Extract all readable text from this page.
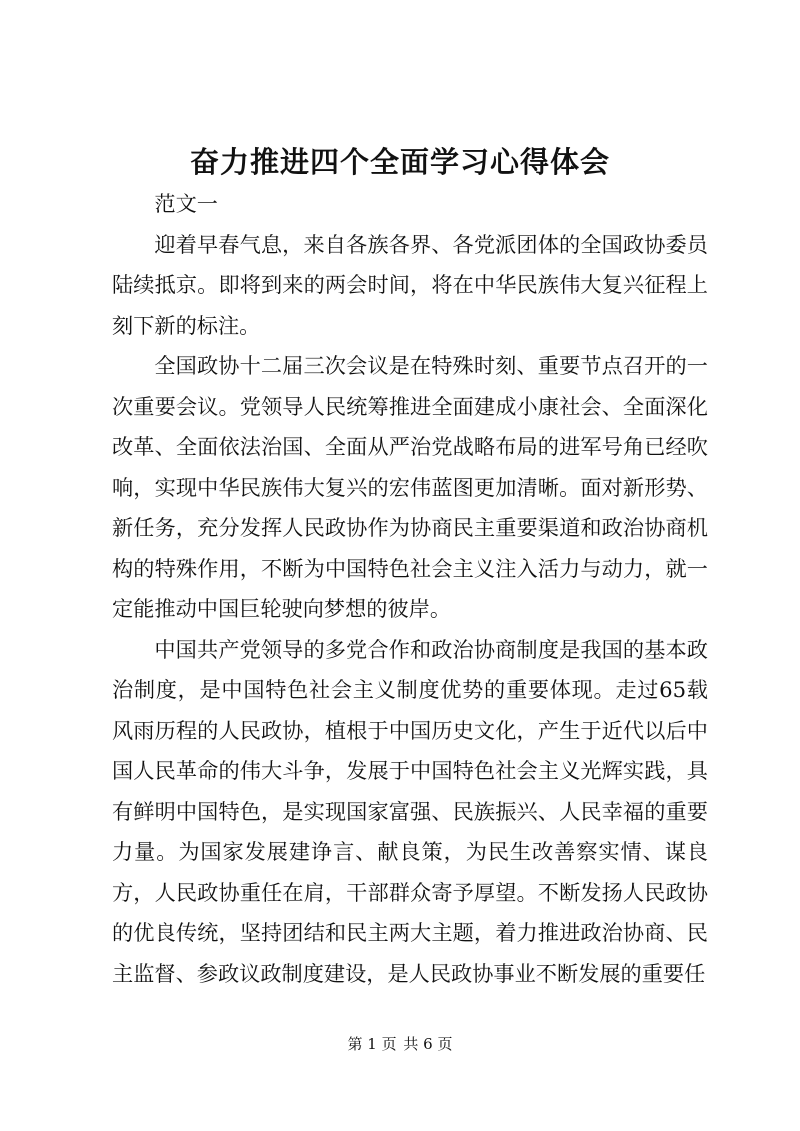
奋力推进四个全面学习心得体会

范文一

迎着早春气息，来自各族各界、各党派团体的全国政协委员陆续抵京。即将到来的两会时间，将在中华民族伟大复兴征程上刻下新的标注。

全国政协十二届三次会议是在特殊时刻、重要节点召开的一次重要会议。党领导人民统筹推进全面建成小康社会、全面深化改革、全面依法治国、全面从严治党战略布局的进军号角已经吹响，实现中华民族伟大复兴的宏伟蓝图更加清晰。面对新形势、新任务，充分发挥人民政协作为协商民主重要渠道和政治协商机构的特殊作用，不断为中国特色社会主义注入活力与动力，就一定能推动中国巨轮驶向梦想的彼岸。

中国共产党领导的多党合作和政治协商制度是我国的基本政治制度，是中国特色社会主义制度优势的重要体现。走过65载风雨历程的人民政协，植根于中国历史文化，产生于近代以后中国人民革命的伟大斗争，发展于中国特色社会主义光辉实践，具有鲜明中国特色，是实现国家富强、民族振兴、人民幸福的重要力量。为国家发展建诤言、献良策，为民生改善察实情、谋良方，人民政协重任在肩，干部群众寄予厚望。不断发扬人民政协的优良传统，坚持团结和民主两大主题，着力推进政治协商、民主监督、参政议政制度建设，是人民政协事业不断发展的重要任

第 1 页 共 6 页
